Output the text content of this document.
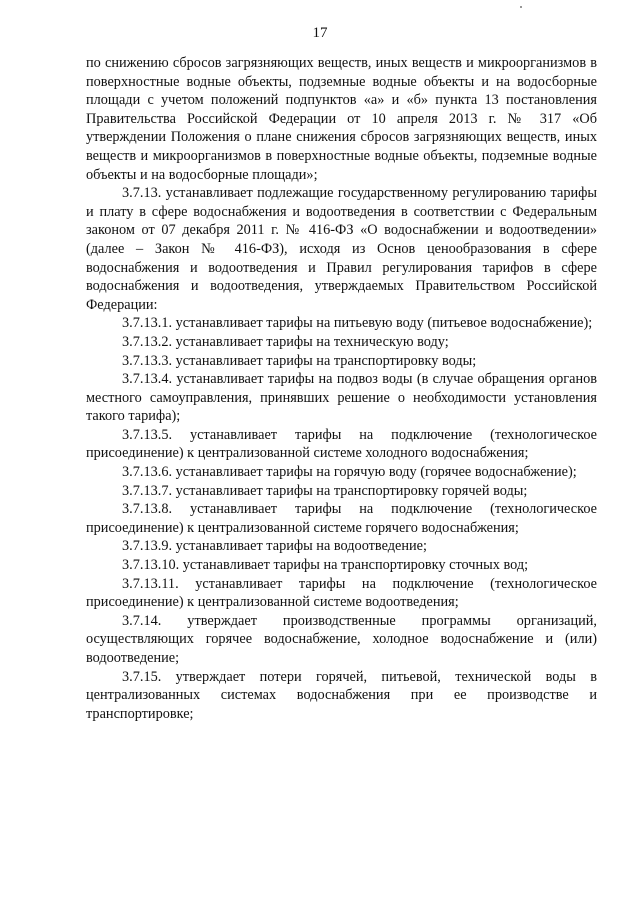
17

по снижению сбросов загрязняющих веществ, иных веществ и микроорганизмов в поверхностные водные объекты, подземные водные объекты и на водосборные площади с учетом положений подпунктов «а» и «б» пункта 13 постановления Правительства Российской Федерации от 10 апреля 2013 г. № 317 «Об утверждении Положения о плане снижения сбросов загрязняющих веществ, иных веществ и микроорганизмов в поверхностные водные объекты, подземные водные объекты и на водосборные площади»;

3.7.13. устанавливает подлежащие государственному регулированию тарифы и плату в сфере водоснабжения и водоотведения в соответствии с Федеральным законом от 07 декабря 2011 г. № 416-ФЗ «О водоснабжении и водоотведении» (далее – Закон № 416-ФЗ), исходя из Основ ценообразования в сфере водоснабжения и водоотведения и Правил регулирования тарифов в сфере водоснабжения и водоотведения, утверждаемых Правительством Российской Федерации:

3.7.13.1. устанавливает тарифы на питьевую воду (питьевое водоснабжение);

3.7.13.2. устанавливает тарифы на техническую воду;

3.7.13.3. устанавливает тарифы на транспортировку воды;

3.7.13.4. устанавливает тарифы на подвоз воды (в случае обращения органов местного самоуправления, принявших решение о необходимости установления такого тарифа);

3.7.13.5. устанавливает тарифы на подключение (технологическое присоединение) к централизованной системе холодного водоснабжения;

3.7.13.6. устанавливает тарифы на горячую воду (горячее водоснабжение);

3.7.13.7. устанавливает тарифы на транспортировку горячей воды;

3.7.13.8. устанавливает тарифы на подключение (технологическое присоединение) к централизованной системе горячего водоснабжения;

3.7.13.9. устанавливает тарифы на водоотведение;

3.7.13.10. устанавливает тарифы на транспортировку сточных вод;

3.7.13.11. устанавливает тарифы на подключение (технологическое присоединение) к централизованной системе водоотведения;

3.7.14. утверждает производственные программы организаций, осуществляющих горячее водоснабжение, холодное водоснабжение и (или) водоотведение;

3.7.15. утверждает потери горячей, питьевой, технической воды в централизованных системах водоснабжения при ее производстве и транспортировке;
